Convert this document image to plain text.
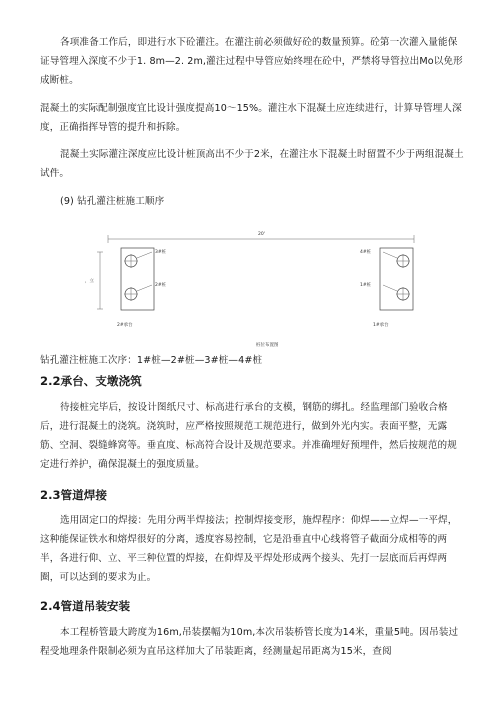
各项准备工作后，即进行水下砼灌注。在灌注前必须做好砼的数量预算。砼第一次灌入量能保证导管埋入深度不少于1. 8m—2. 2m,灌注过程中导管应始终埋在砼中，严禁将导管拉出Mo以免形成断桩。

混凝土的实际配制强度宜比设计强度提高10～15%。灌注水下混凝土应连续进行，计算导管埋人深度，正确指挥导管的提升和拆除。

混凝土实际灌注深度应比设计桩顶高出不少于2米，在灌注水下混凝土时留置不少于两组混凝土试件。

(9) 钻孔灌注桩施工顺序

20'
，立
3#桩
2#桩
2#承台
4#桩
1#桩
1#承台
桩位布置图

钻孔灌注桩施工次序：1#桩—2#桩—3#桩—4#桩

2.2承台、支墩浇筑

待接桩完毕后，按设计图纸尺寸、标高进行承台的支模，钢筋的绑扎。经监理部门验收合格后，进行混凝土的浇筑。浇筑时，应严格按照规范工规范进行，做到外光内实。表面平整，无露筋、空洞、裂缝蜂窝等。垂直度、标高符合设计及规范要求。并准确埋好预埋件，然后按规范的规定进行养护，确保混凝土的强度质量。

2.3管道焊接

选用固定口的焊接：先用分两半焊接法；控制焊接变形，施焊程序：仰焊——立焊—一平焊，这种能保证铁水和熔焊很好的分离，透度容易控制，它是沿垂直中心线将管子截面分成相等的两半，各进行仰、立、平三种位置的焊接，在仰焊及平焊处形成两个接头、先打一层底而后再焊两圈，可以达到的要求为止。

2.4管道吊装安装

本工程桥管最大跨度为16m,吊装摆幅为10m,本次吊装桥管长度为14米，重量5吨。因吊装过程受地理条件限制必须为直吊这样加大了吊装距离，经测量起吊距离为15米，查阅
